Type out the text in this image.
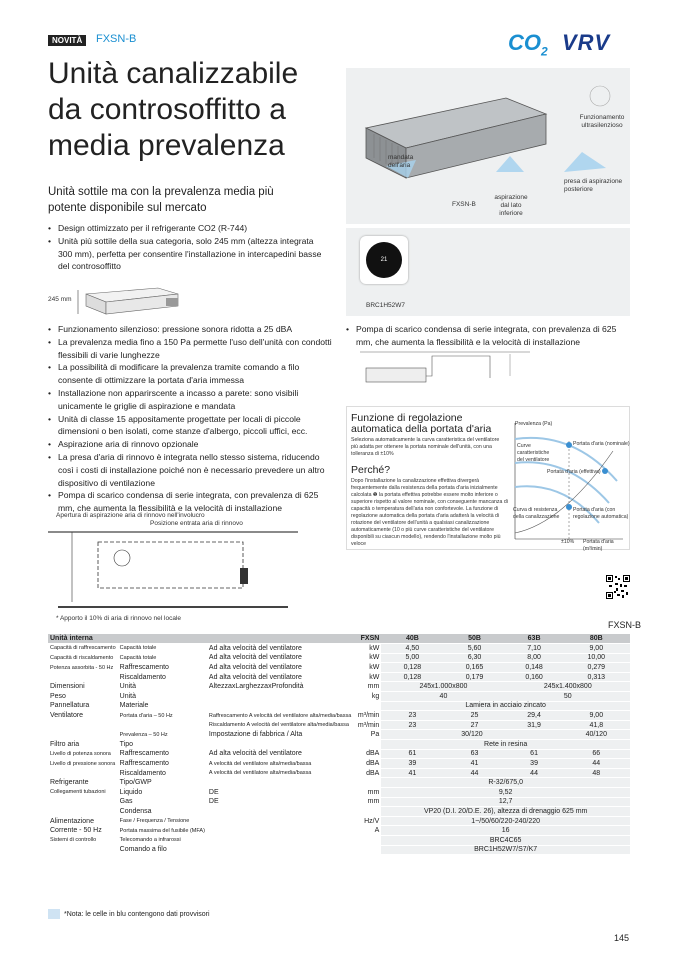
NOVITÀ	FXSN-B	$CO_2$ VRV
Unità canalizzabile da controsoffitto a media prevalenza
Unità sottile ma con la prevalenza media più potente disponibile sul mercato
• Design ottimizzato per il refrigerante CO2 (R-744)
• Unità più sottile della sua categoria, solo 245 mm (altezza integrata 300 mm), perfetta per consentire l'installazione in intercapedini basse del controsoffitto
245 mm
mandata dell'aria
aspirazione dal lato inferiore
presa di aspirazione posteriore
FXSN-B
Funzionamento ultrasilenzioso
21
BRC1H52W7
• Funzionamento silenzioso: pressione sonora ridotta a 25 dBA
• La prevalenza media fino a 150 Pa permette l'uso dell'unità con condotti flessibili di varie lunghezze
• La possibilità di modificare la prevalenza tramite comando a filo consente di ottimizzare la portata d'aria immessa
• Installazione non apparirscente a incasso a parete: sono visibili unicamente le griglie di aspirazione e mandata
• Unità di classe 15 appositamente progettate per locali di piccole dimensioni o ben isolati, come stanze d'albergo, piccoli uffici, ecc.
• Aspirazione aria di rinnovo opzionale
• La presa d'aria di rinnovo è integrata nello stesso sistema, riducendo così i costi di installazione poiché non è necessario prevedere un altro dispositivo di ventilazione
• Pompa di scarico condensa di serie integrata, con prevalenza di 625 mm, che aumenta la flessibilità e la velocità di installazione
• Pompa di scarico condensa di serie integrata, con prevalenza di 625 mm, che aumenta la flessibilità e la velocità di installazione
Apertura di aspirazione aria di rinnovo nell'involucro
Posizione entrata aria di rinnovo
* Apporto il 10% di aria di rinnovo nel locale
Funzione di regolazione automatica della portata d'aria
Seleziona automaticamente la curva caratteristica del ventilatore più adatta per ottenere la portata nominale dell'unità, con una tolleranza di ±10%
Perché?
Dopo l'installazione la canalizzazione effettiva divergerà frequentemente dalla resistenza della portata d'aria inizialmente calcolata ❶ la portata effettiva potrebbe essere molto inferiore o superiore rispetto al valore nominale, con conseguente mancanza di capacità o temperatura dell'aria non confortevole. La funzione di regolazione automatica della portata d'aria adatterà la velocità di rotazione del ventilatore dell'unità a qualsiasi canalizzazione automaticamente (10 o più curve caratteristiche del ventilatore disponibili su ciascun modello), rendendo l'installazione molto più veloce
Prevalenza (Pa)
Curve caratteristiche del ventilatore
Portata d'aria (nominale)
Portata d'aria (effettiva)
Curva di resistenza della canalizzazione
Portata d'aria (con regolazione automatica)
±10% Portata d'aria (m³/min)
FXSN-B
Unità interna			FXSN	40B	50B	63B	80B
Capacità di raffrescamento	Capacità totale	Ad alta velocità del ventilatore	kW	4,50	5,60	7,10	9,00
Capacità di riscaldamento	Capacità totale	Ad alta velocità del ventilatore	kW	5,00	6,30	8,00	10,00
Potenza assorbita - 50 Hz	Raffrescamento	Ad alta velocità del ventilatore	kW	0,128	0,165	0,148	0,279
	Riscaldamento	Ad alta velocità del ventilatore	kW	0,128	0,179	0,160	0,313
Dimensioni	Unità	AltezzaxLarghezzaxProfondità	mm	245x1.000x800		245x1.400x800	
Peso	Unità		kg	40		50	
Pannellatura	Materiale			Lamiera in acciaio zincato			
Ventilatore	Portata d'aria – 50 Hz	Raffrescamento A velocità del ventilatore alta/media/bassa	m³/min	23	25	29,4	9,00
		Riscaldamento A velocità del ventilatore alta/media/bassa	m³/min	23	27	31,9	41,8
	Prevalenza – 50 Hz	Impostazione di fabbrica / Alta	Pa	30/120			40/120
Filtro aria	Tipo			Rete in resina			
Livello di potenza sonora	Raffrescamento	Ad alta velocità del ventilatore	dBA	61	63	61	66
Livello di pressione sonora	Raffrescamento	A velocità del ventilatore alta/media/bassa	dBA	39	41	39	44
	Riscaldamento	A velocità del ventilatore alta/media/bassa	dBA	41	44	44	48
Refrigerante	Tipo/GWP			R-32/675,0			
Collegamenti tubazioni	Liquido	DE	mm	9,52			
	Gas	DE	mm	12,7			
	Condensa			VP20 (D.I. 20/D.E. 26), altezza di drenaggio 625 mm			
Alimentazione	Fase / Frequenza / Tensione		Hz/V	1~/50/60/220-240/220			
Corrente - 50 Hz	Portata massima del fusibile (MFA)		A	16			
Sistemi di controllo	Telecomando a infrarossi			BRC4C65			
	Comando a filo			BRC1H52W7/S7/K7			
*Nota: le celle in blu contengono dati provvisori
145
